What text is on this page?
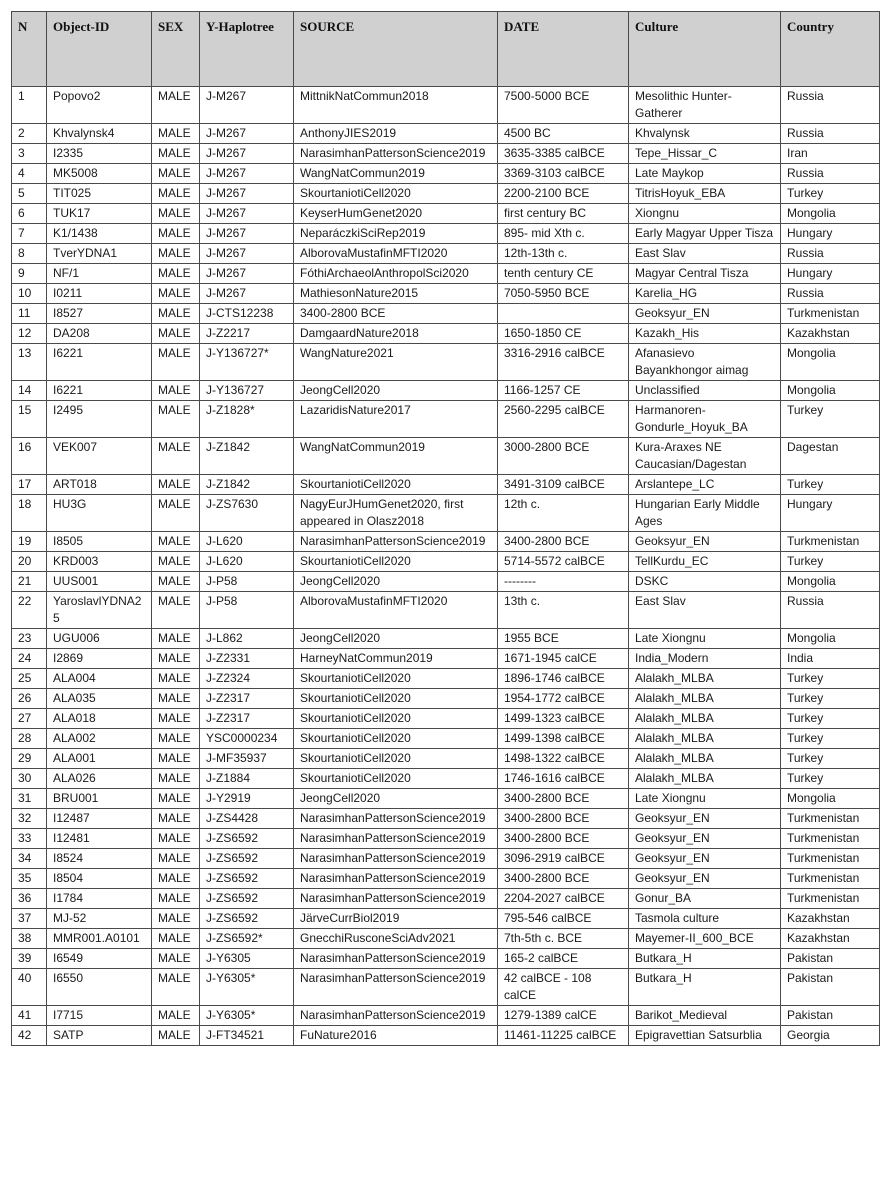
N	Object-ID	SEX	Y-Haplotree	SOURCE	DATE	Culture	Country
1	Popovo2	MALE	J-M267	MittnikNatCommun2018	7500-5000 BCE	Mesolithic Hunter-Gatherer	Russia
2	Khvalynsk4	MALE	J-M267	AnthonyJIES2019	4500 BC	Khvalynsk	Russia
3	I2335	MALE	J-M267	NarasimhanPattersonScience2019	3635-3385 calBCE	Tepe_Hissar_C	Iran
4	MK5008	MALE	J-M267	WangNatCommun2019	3369-3103 calBCE	Late Maykop	Russia
5	TIT025	MALE	J-M267	SkourtaniotiCell2020	2200-2100 BCE	TitrisHoyuk_EBA	Turkey
6	TUK17	MALE	J-M267	KeyserHumGenet2020	first century BC	Xiongnu	Mongolia
7	K1/1438	MALE	J-M267	NeparáczkiSciRep2019	895- mid Xth c.	Early Magyar Upper Tisza	Hungary
8	TverYDNA1	MALE	J-M267	AlborovaMustafinMFTI2020	12th-13th c.	East Slav	Russia
9	NF/1	MALE	J-M267	FóthiArchaeolAnthropolSci2020	tenth century CE	Magyar Central Tisza	Hungary
10	I0211	MALE	J-M267	MathiesonNature2015	7050-5950 BCE	Karelia_HG	Russia
11	I8527	MALE	J-CTS12238	3400-2800 BCE		Geoksyur_EN	Turkmenistan
12	DA208	MALE	J-Z2217	DamgaardNature2018	1650-1850 CE	Kazakh_His	Kazakhstan
13	I6221	MALE	J-Y136727*	WangNature2021	3316-2916 calBCE	Afanasievo Bayankhongor aimag	Mongolia
14	I6221	MALE	J-Y136727	JeongCell2020	1166-1257 CE	Unclassified	Mongolia
15	I2495	MALE	J-Z1828*	LazaridisNature2017	2560-2295 calBCE	Harmanoren-Gondurle_Hoyuk_BA	Turkey
16	VEK007	MALE	J-Z1842	WangNatCommun2019	3000-2800 BCE	Kura-Araxes NE Caucasian/Dagestan	Dagestan
17	ART018	MALE	J-Z1842	SkourtaniotiCell2020	3491-3109 calBCE	Arslantepe_LC	Turkey
18	HU3G	MALE	J-ZS7630	NagyEurJHumGenet2020, first appeared in Olasz2018	12th c.	Hungarian Early Middle Ages	Hungary
19	I8505	MALE	J-L620	NarasimhanPattersonScience2019	3400-2800 BCE	Geoksyur_EN	Turkmenistan
20	KRD003	MALE	J-L620	SkourtaniotiCell2020	5714-5572 calBCE	TellKurdu_EC	Turkey
21	UUS001	MALE	J-P58	JeongCell2020	--------	DSKC	Mongolia
22	YaroslavlYDNA25	MALE	J-P58	AlborovaMustafinMFTI2020	13th c.	East Slav	Russia
23	UGU006	MALE	J-L862	JeongCell2020	1955 BCE	Late Xiongnu	Mongolia
24	I2869	MALE	J-Z2331	HarneyNatCommun2019	1671-1945 calCE	India_Modern	India
25	ALA004	MALE	J-Z2324	SkourtaniotiCell2020	1896-1746 calBCE	Alalakh_MLBA	Turkey
26	ALA035	MALE	J-Z2317	SkourtaniotiCell2020	1954-1772 calBCE	Alalakh_MLBA	Turkey
27	ALA018	MALE	J-Z2317	SkourtaniotiCell2020	1499-1323 calBCE	Alalakh_MLBA	Turkey
28	ALA002	MALE	YSC0000234	SkourtaniotiCell2020	1499-1398 calBCE	Alalakh_MLBA	Turkey
29	ALA001	MALE	J-MF35937	SkourtaniotiCell2020	1498-1322 calBCE	Alalakh_MLBA	Turkey
30	ALA026	MALE	J-Z1884	SkourtaniotiCell2020	1746-1616 calBCE	Alalakh_MLBA	Turkey
31	BRU001	MALE	J-Y2919	JeongCell2020	3400-2800 BCE	Late Xiongnu	Mongolia
32	I12487	MALE	J-ZS4428	NarasimhanPattersonScience2019	3400-2800 BCE	Geoksyur_EN	Turkmenistan
33	I12481	MALE	J-ZS6592	NarasimhanPattersonScience2019	3400-2800 BCE	Geoksyur_EN	Turkmenistan
34	I8524	MALE	J-ZS6592	NarasimhanPattersonScience2019	3096-2919 calBCE	Geoksyur_EN	Turkmenistan
35	I8504	MALE	J-ZS6592	NarasimhanPattersonScience2019	3400-2800 BCE	Geoksyur_EN	Turkmenistan
36	I1784	MALE	J-ZS6592	NarasimhanPattersonScience2019	2204-2027 calBCE	Gonur_BA	Turkmenistan
37	MJ-52	MALE	J-ZS6592	JärveCurrBiol2019	795-546 calBCE	Tasmola culture	Kazakhstan
38	MMR001.A0101	MALE	J-ZS6592*	GnecchiRusconeSciAdv2021	7th-5th c. BCE	Mayemer-II_600_BCE	Kazakhstan
39	I6549	MALE	J-Y6305	NarasimhanPattersonScience2019	165-2 calBCE	Butkara_H	Pakistan
40	I6550	MALE	J-Y6305*	NarasimhanPattersonScience2019	42 calBCE - 108 calCE	Butkara_H	Pakistan
41	I7715	MALE	J-Y6305*	NarasimhanPattersonScience2019	1279-1389 calCE	Barikot_Medieval	Pakistan
42	SATP	MALE	J-FT34521	FuNature2016	11461-11225 calBCE	Epigravettian Satsurblia	Georgia
